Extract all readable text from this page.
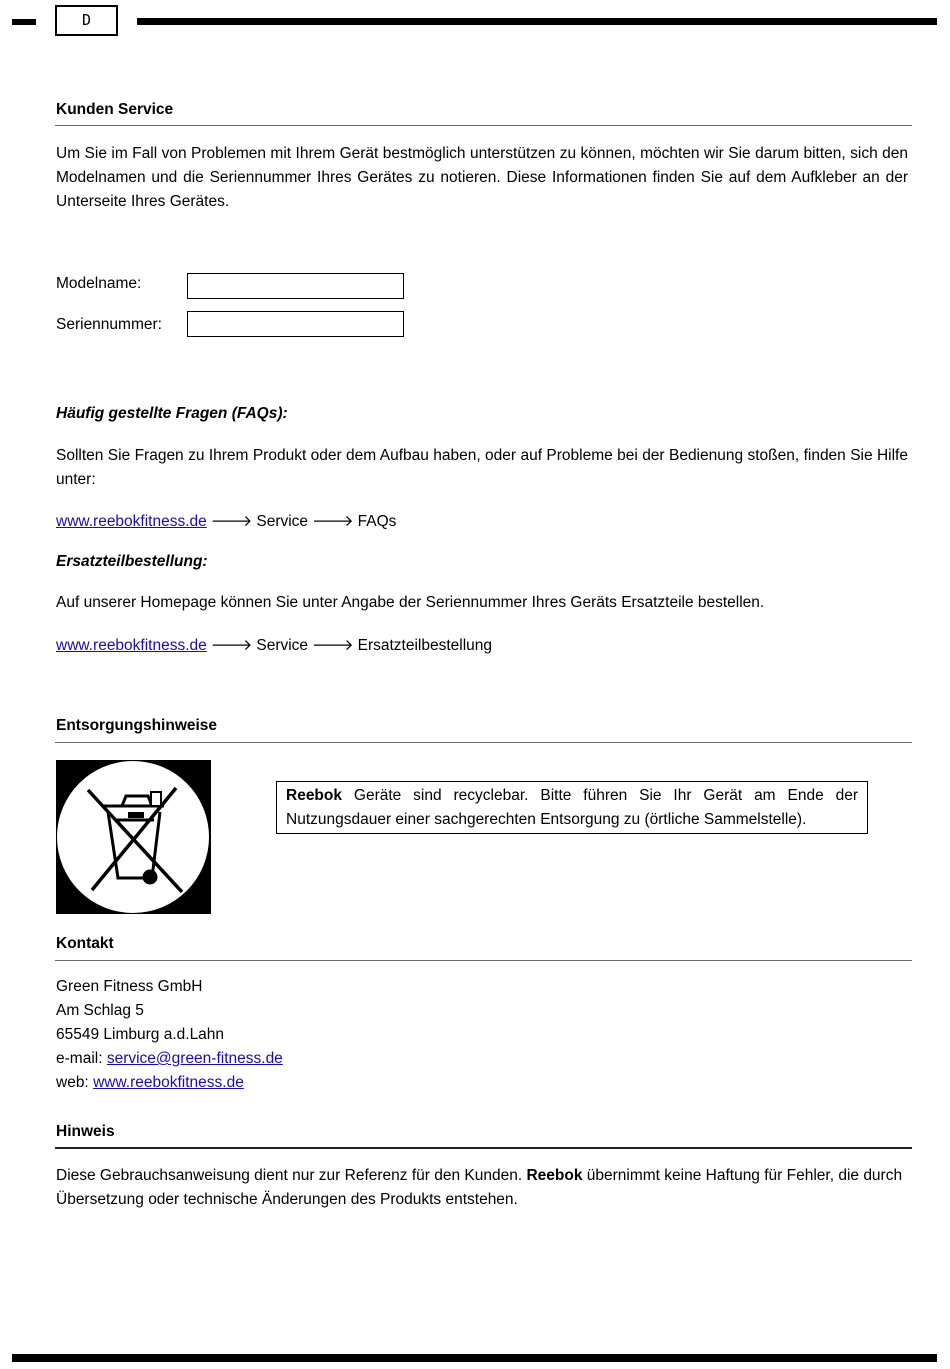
D
Kunden Service
Um Sie im Fall von Problemen mit Ihrem Gerät bestmöglich unterstützen zu können, möchten wir Sie darum bitten, sich den Modelnamen und die Seriennummer Ihres Gerätes zu notieren. Diese Informationen finden Sie auf dem Aufkleber an der Unterseite Ihres Gerätes.
Modelname:
Seriennummer:
Häufig gestellte Fragen (FAQs):
Sollten Sie Fragen zu Ihrem Produkt oder dem Aufbau haben, oder auf Probleme bei der Bedienung stoßen, finden Sie Hilfe unter:
www.reebokfitness.de 🡒 Service 🡒 FAQs
Ersatzteilbestellung:
Auf unserer Homepage können Sie unter Angabe der Seriennummer Ihres Geräts Ersatzteile bestellen.
www.reebokfitness.de 🡒 Service 🡒 Ersatzteilbestellung
Entsorgungshinweise
Reebok Geräte sind recyclebar. Bitte führen Sie Ihr Gerät am Ende der Nutzungsdauer einer sachgerechten Entsorgung zu (örtliche Sammelstelle).
Kontakt
Green Fitness GmbH
Am Schlag 5
65549 Limburg a.d.Lahn
e-mail: service@green-fitness.de
web: www.reebokfitness.de
Hinweis
Diese Gebrauchsanweisung dient nur zur Referenz für den Kunden. Reebok übernimmt keine Haftung für Fehler, die durch Übersetzung oder technische Änderungen des Produkts entstehen.
